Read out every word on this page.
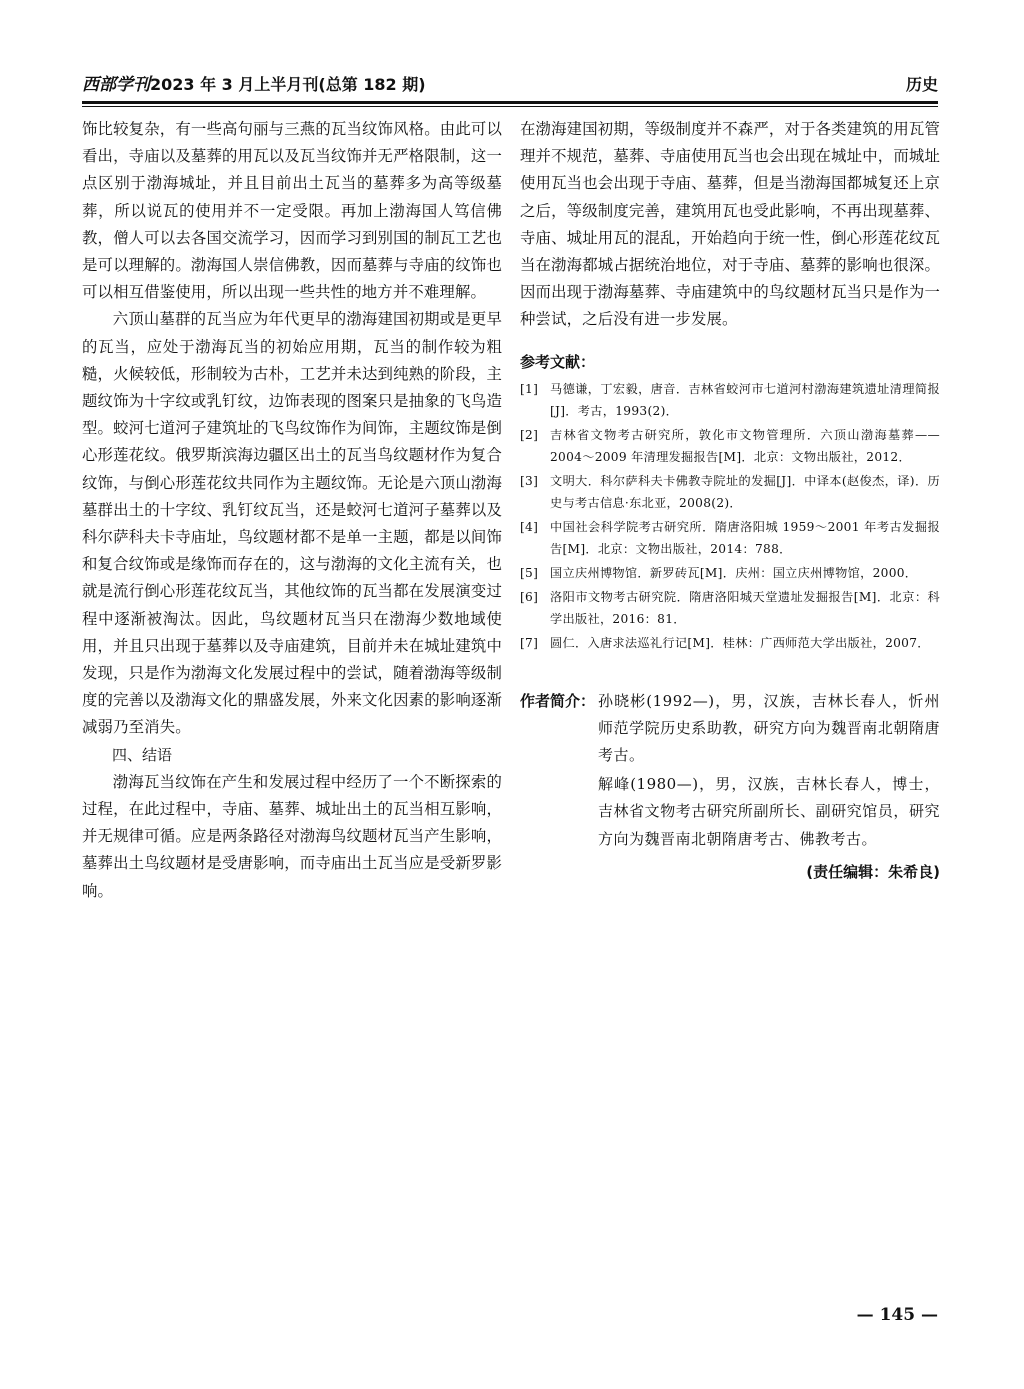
西部学刊2023 年 3 月上半月刊(总第 182 期)	历史

饰比较复杂，有一些高句丽与三燕的瓦当纹饰风格。由此可以看出，寺庙以及墓葬的用瓦以及瓦当纹饰并无严格限制，这一点区别于渤海城址，并且目前出土瓦当的墓葬多为高等级墓葬，所以说瓦的使用并不一定受限。再加上渤海国人笃信佛教，僧人可以去各国交流学习，因而学习到别国的制瓦工艺也是可以理解的。渤海国人崇信佛教，因而墓葬与寺庙的纹饰也可以相互借鉴使用，所以出现一些共性的地方并不难理解。

六顶山墓群的瓦当应为年代更早的渤海建国初期或是更早的瓦当，应处于渤海瓦当的初始应用期，瓦当的制作较为粗糙，火候较低，形制较为古朴，工艺并未达到纯熟的阶段，主题纹饰为十字纹或乳钉纹，边饰表现的图案只是抽象的飞鸟造型。蛟河七道河子建筑址的飞鸟纹饰作为间饰，主题纹饰是倒心形莲花纹。俄罗斯滨海边疆区出土的瓦当鸟纹题材作为复合纹饰，与倒心形莲花纹共同作为主题纹饰。无论是六顶山渤海墓群出土的十字纹、乳钉纹瓦当，还是蛟河七道河子墓葬以及科尔萨科夫卡寺庙址，鸟纹题材都不是单一主题，都是以间饰和复合纹饰或是缘饰而存在的，这与渤海的文化主流有关，也就是流行倒心形莲花纹瓦当，其他纹饰的瓦当都在发展演变过程中逐渐被淘汰。因此，鸟纹题材瓦当只在渤海少数地域使用，并且只出现于墓葬以及寺庙建筑，目前并未在城址建筑中发现，只是作为渤海文化发展过程中的尝试，随着渤海等级制度的完善以及渤海文化的鼎盛发展，外来文化因素的影响逐渐减弱乃至消失。

四、结语

渤海瓦当纹饰在产生和发展过程中经历了一个不断探索的过程，在此过程中，寺庙、墓葬、城址出土的瓦当相互影响，并无规律可循。应是两条路径对渤海鸟纹题材瓦当产生影响，墓葬出土鸟纹题材是受唐影响，而寺庙出土瓦当应是受新罗影响。

在渤海建国初期，等级制度并不森严，对于各类建筑的用瓦管理并不规范，墓葬、寺庙使用瓦当也会出现在城址中，而城址使用瓦当也会出现于寺庙、墓葬，但是当渤海国都城复还上京之后，等级制度完善，建筑用瓦也受此影响，不再出现墓葬、寺庙、城址用瓦的混乱，开始趋向于统一性，倒心形莲花纹瓦当在渤海都城占据统治地位，对于寺庙、墓葬的影响也很深。因而出现于渤海墓葬、寺庙建筑中的鸟纹题材瓦当只是作为一种尝试，之后没有进一步发展。

参考文献：
[1] 马德谦，丁宏毅，唐音．吉林省蛟河市七道河村渤海建筑遗址清理简报[J]．考古，1993(2)．
[2] 吉林省文物考古研究所，敦化市文物管理所．六顶山渤海墓葬——2004～2009 年清理发掘报告[M]．北京：文物出版社，2012．
[3] 文明大．科尔萨科夫卡佛教寺院址的发掘[J]．中译本(赵俊杰，译)．历史与考古信息·东北亚，2008(2)．
[4] 中国社会科学院考古研究所．隋唐洛阳城 1959～2001 年考古发掘报告[M]．北京：文物出版社，2014：788．
[5] 国立庆州博物馆．新罗砖瓦[M]．庆州：国立庆州博物馆，2000．
[6] 洛阳市文物考古研究院．隋唐洛阳城天堂遗址发掘报告[M]．北京：科学出版社，2016：81．
[7] 圆仁．入唐求法巡礼行记[M]．桂林：广西师范大学出版社，2007．
作者简介： 孙晓彬(1992—)，男，汉族，吉林长春人，忻州师范学院历史系助教，研究方向为魏晋南北朝隋唐考古。

解峰(1980—)，男，汉族，吉林长春人，博士，吉林省文物考古研究所副所长、副研究馆员，研究方向为魏晋南北朝隋唐考古、佛教考古。

(责任编辑：朱希良)
— 145 —
